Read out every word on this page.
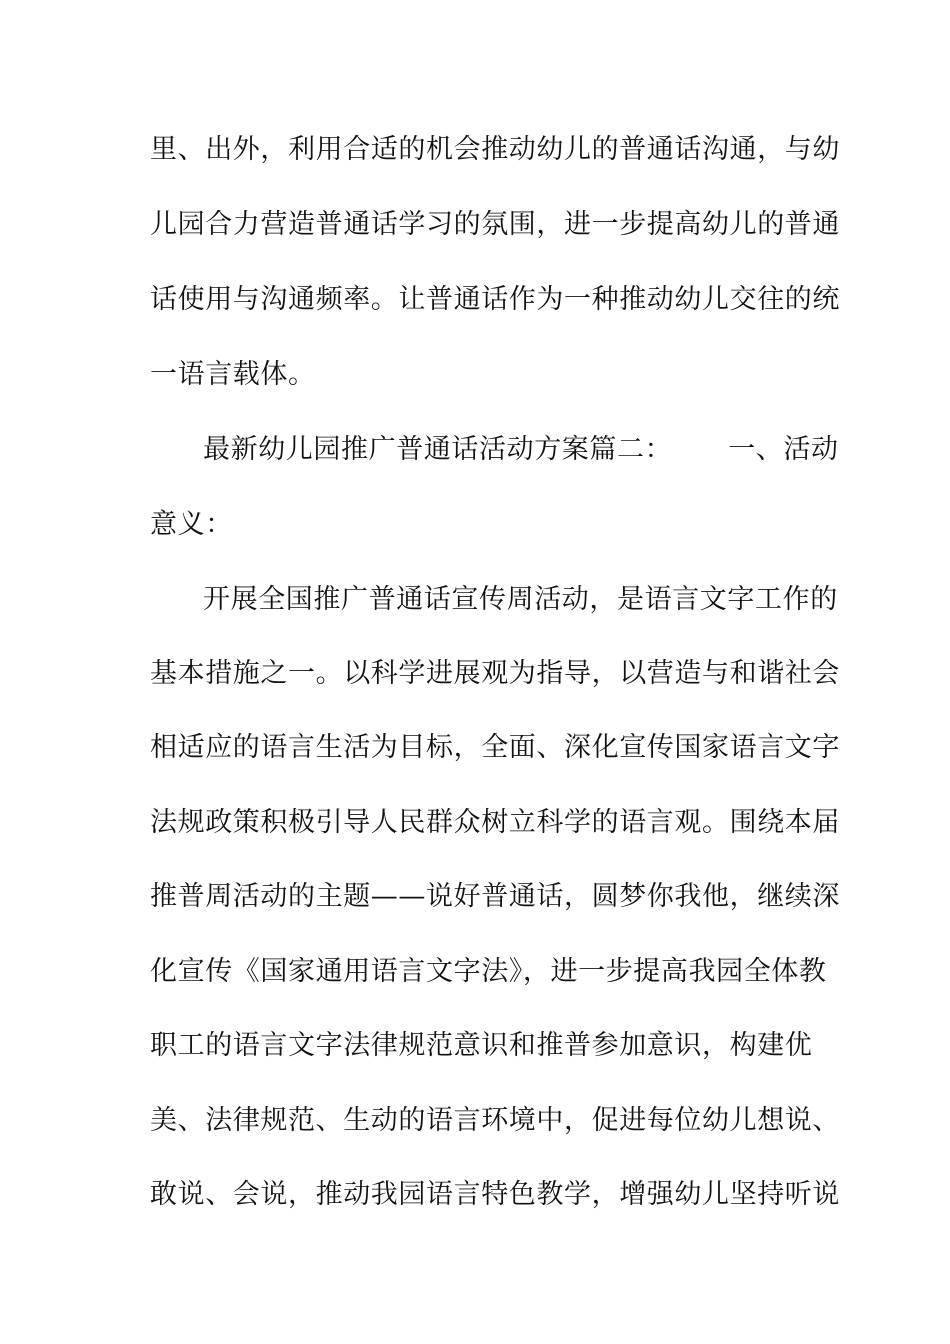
里、出外，利用合适的机会推动幼儿的普通话沟通，与幼
儿园合力营造普通话学习的氛围，进一步提高幼儿的普通
话使用与沟通频率。让普通话作为一种推动幼儿交往的统
一语言载体。
最新幼儿园推广普通话活动方案篇二： 一、活动
意义：
开展全国推广普通话宣传周活动，是语言文字工作的
基本措施之一。以科学进展观为指导，以营造与和谐社会
相适应的语言生活为目标，全面、深化宣传国家语言文字
法规政策积极引导人民群众树立科学的语言观。围绕本届
推普周活动的主题——说好普通话，圆梦你我他，继续深
化宣传《国家通用语言文字法》，进一步提高我园全体教
职工的语言文字法律规范意识和推普参加意识，构建优
美、法律规范、生动的语言环境中，促进每位幼儿想说、
敢说、会说，推动我园语言特色教学，增强幼儿坚持听说
